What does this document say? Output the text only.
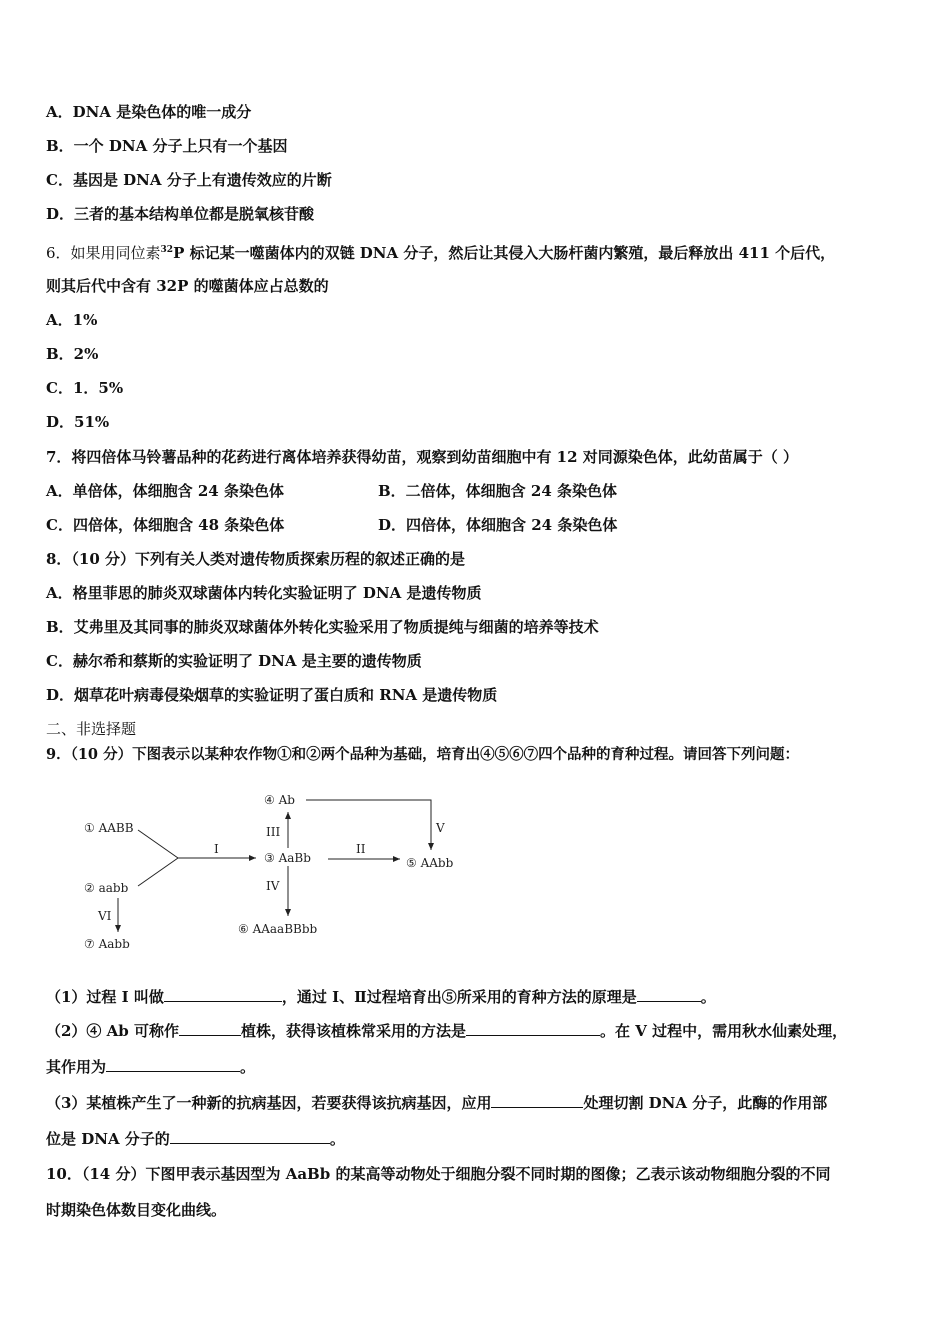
A．DNA 是染色体的唯一成分
B．一个 DNA 分子上只有一个基因
C．基因是 DNA 分子上有遗传效应的片断
D．三者的基本结构单位都是脱氧核苷酸
6．如果用同位素$^{32}$P 标记某一噬菌体内的双链 DNA 分子，然后让其侵入大肠杆菌内繁殖，最后释放出 411 个后代，
则其后代中含有 32P 的噬菌体应占总数的
A．1%
B．2%
C．1．5%
D．51%
7．将四倍体马铃薯品种的花药进行离体培养获得幼苗，观察到幼苗细胞中有 12 对同源染色体，此幼苗属于（ ）
A．单倍体，体细胞含 24 条染色体	B．二倍体，体细胞含 24 条染色体
C．四倍体，体细胞含 48 条染色体	D．四倍体，体细胞含 24 条染色体
8．（10 分）下列有关人类对遗传物质探索历程的叙述正确的是
A．格里菲思的肺炎双球菌体内转化实验证明了 DNA 是遗传物质
B．艾弗里及其同事的肺炎双球菌体外转化实验采用了物质提纯与细菌的培养等技术
C．赫尔希和蔡斯的实验证明了 DNA 是主要的遗传物质
D．烟草花叶病毒侵染烟草的实验证明了蛋白质和 RNA 是遗传物质
二、非选择题
9．（10 分）下图表示以某种农作物①和②两个品种为基础，培育出④⑤⑥⑦四个品种的育种过程。请回答下列问题：
① AABB
② aabb
⑦ Aabb
④ Ab
③ AaBb	⑤ AAbb
⑥ AAaaBBbb
I	II
III	V
IV
VI
（1）过程 I 叫做	，通过 I、Ⅱ过程培育出⑤所采用的育种方法的原理是	。
（2）④ Ab 可称作	植株，获得该植株常采用的方法是	。在 V 过程中，需用秋水仙素处理，
其作用为	。
（3）某植株产生了一种新的抗病基因，若要获得该抗病基因，应用	处理切割 DNA 分子，此酶的作用部
位是 DNA 分子的	。
10．（14 分）下图甲表示基因型为 AaBb 的某高等动物处于细胞分裂不同时期的图像；乙表示该动物细胞分裂的不同
时期染色体数目变化曲线。
